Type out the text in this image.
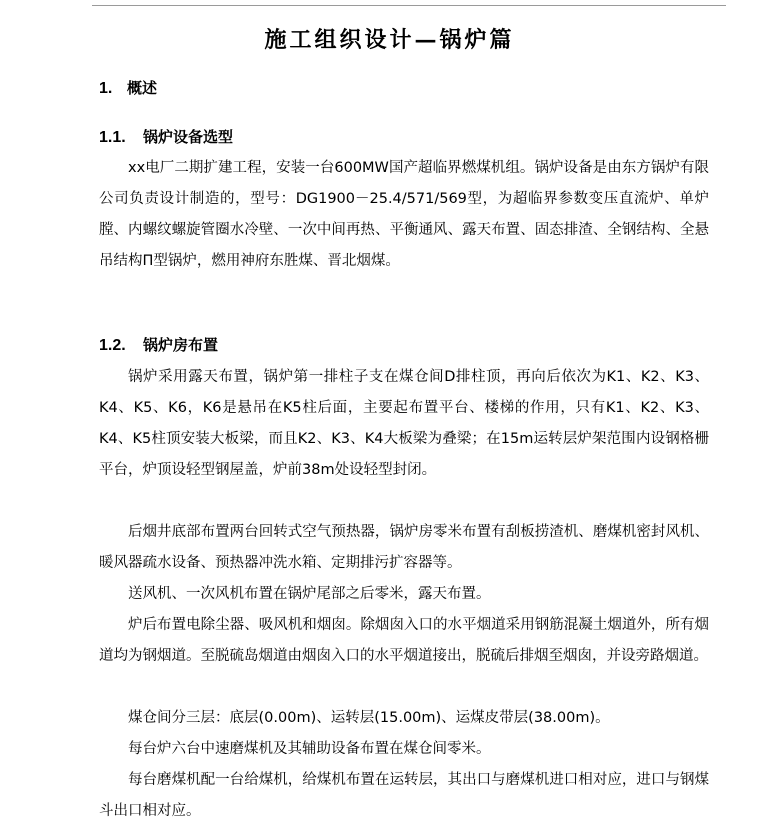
施工组织设计—锅炉篇
1. 概述
1.1. 锅炉设备选型

xx电厂二期扩建工程，安装一台600MW国产超临界燃煤机组。锅炉设备是由东方锅炉有限公司负责设计制造的，型号：DG1900－25.4/571/569型，为超临界参数变压直流炉、单炉膛、内螺纹螺旋管圈水冷壁、一次中间再热、平衡通风、露天布置、固态排渣、全钢结构、全悬吊结构Π型锅炉，燃用神府东胜煤、晋北烟煤。

1.2. 锅炉房布置

锅炉采用露天布置，锅炉第一排柱子支在煤仓间D排柱顶，再向后依次为K1、K2、K3、K4、K5、K6，K6是悬吊在K5柱后面，主要起布置平台、楼梯的作用，只有K1、K2、K3、K4、K5柱顶安装大板梁，而且K2、K3、K4大板梁为叠梁；在15m运转层炉架范围内设钢格栅平台，炉顶设轻型钢屋盖，炉前38m处设轻型封闭。

后烟井底部布置两台回转式空气预热器，锅炉房零米布置有刮板捞渣机、磨煤机密封风机、暖风器疏水设备、预热器冲洗水箱、定期排污扩容器等。

送风机、一次风机布置在锅炉尾部之后零米，露天布置。

炉后布置电除尘器、吸风机和烟囱。除烟囱入口的水平烟道采用钢筋混凝土烟道外，所有烟道均为钢烟道。至脱硫岛烟道由烟囱入口的水平烟道接出，脱硫后排烟至烟囱，并设旁路烟道。

煤仓间分三层：底层(0.00m)、运转层(15.00m)、运煤皮带层(38.00m)。

每台炉六台中速磨煤机及其辅助设备布置在煤仓间零米。

每台磨煤机配一台给煤机，给煤机布置在运转层，其出口与磨煤机进口相对应，进口与钢煤斗出口相对应。
